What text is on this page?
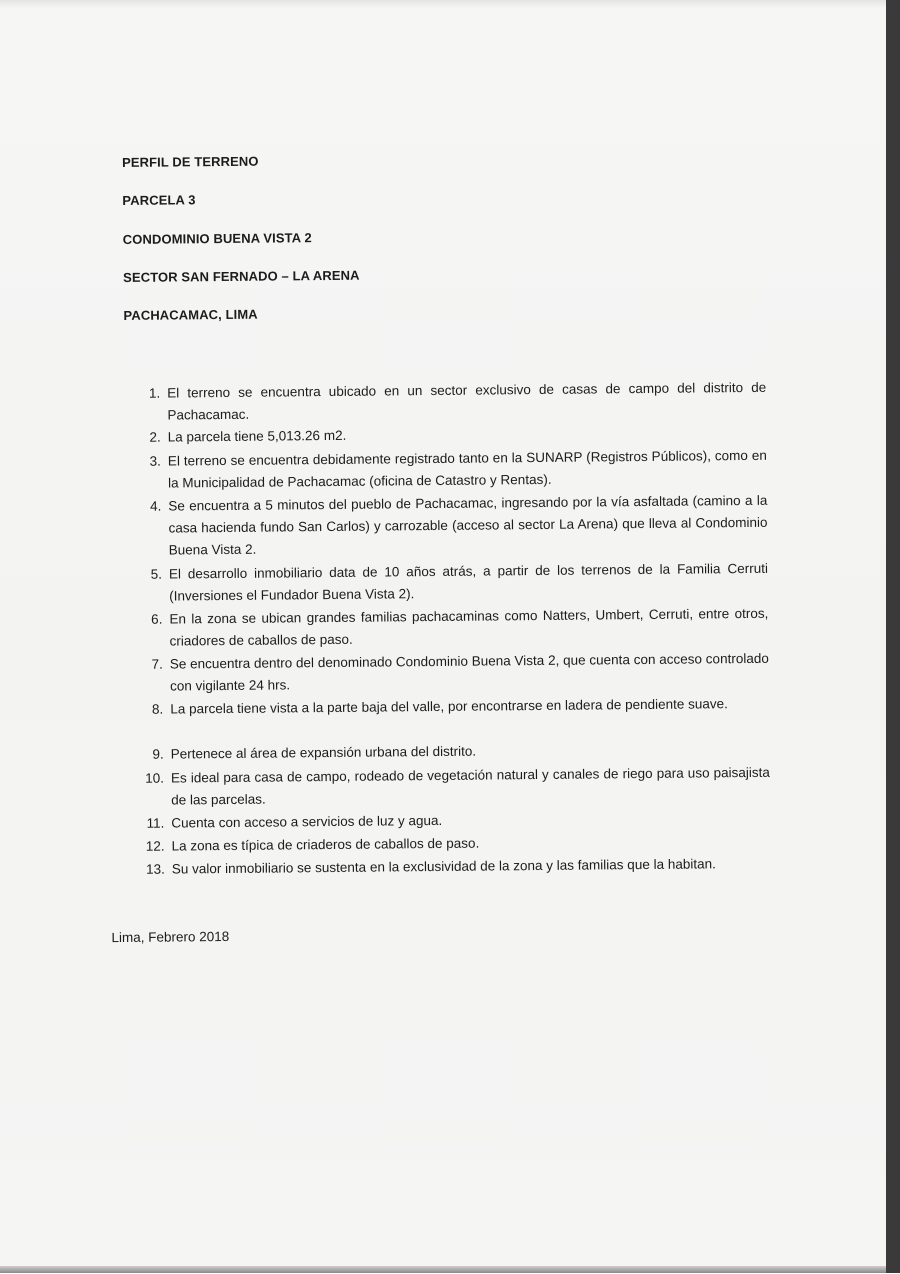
PERFIL DE TERRENO
PARCELA 3
CONDOMINIO BUENA VISTA 2
SECTOR SAN FERNADO – LA ARENA
PACHACAMAC, LIMA
1. El terreno se encuentra ubicado en un sector exclusivo de casas de campo del distrito de Pachacamac.
2. La parcela tiene 5,013.26 m2.
3. El terreno se encuentra debidamente registrado tanto en la SUNARP (Registros Públicos), como en la Municipalidad de Pachacamac (oficina de Catastro y Rentas).
4. Se encuentra a 5 minutos del pueblo de Pachacamac, ingresando por la vía asfaltada (camino a la casa hacienda fundo San Carlos) y carrozable (acceso al sector La Arena) que lleva al Condominio Buena Vista 2.
5. El desarrollo inmobiliario data de 10 años atrás, a partir de los terrenos de la Familia Cerruti (Inversiones el Fundador Buena Vista 2).
6. En la zona se ubican grandes familias pachacaminas como Natters, Umbert, Cerruti, entre otros, criadores de caballos de paso.
7. Se encuentra dentro del denominado Condominio Buena Vista 2, que cuenta con acceso controlado con vigilante 24 hrs.
8. La parcela tiene vista a la parte baja del valle, por encontrarse en ladera de pendiente suave.
9. Pertenece al área de expansión urbana del distrito.
10. Es ideal para casa de campo, rodeado de vegetación natural y canales de riego para uso paisajista de las parcelas.
11. Cuenta con acceso a servicios de luz y agua.
12. La zona es típica de criaderos de caballos de paso.
13. Su valor inmobiliario se sustenta en la exclusividad de la zona y las familias que la habitan.
Lima, Febrero 2018
